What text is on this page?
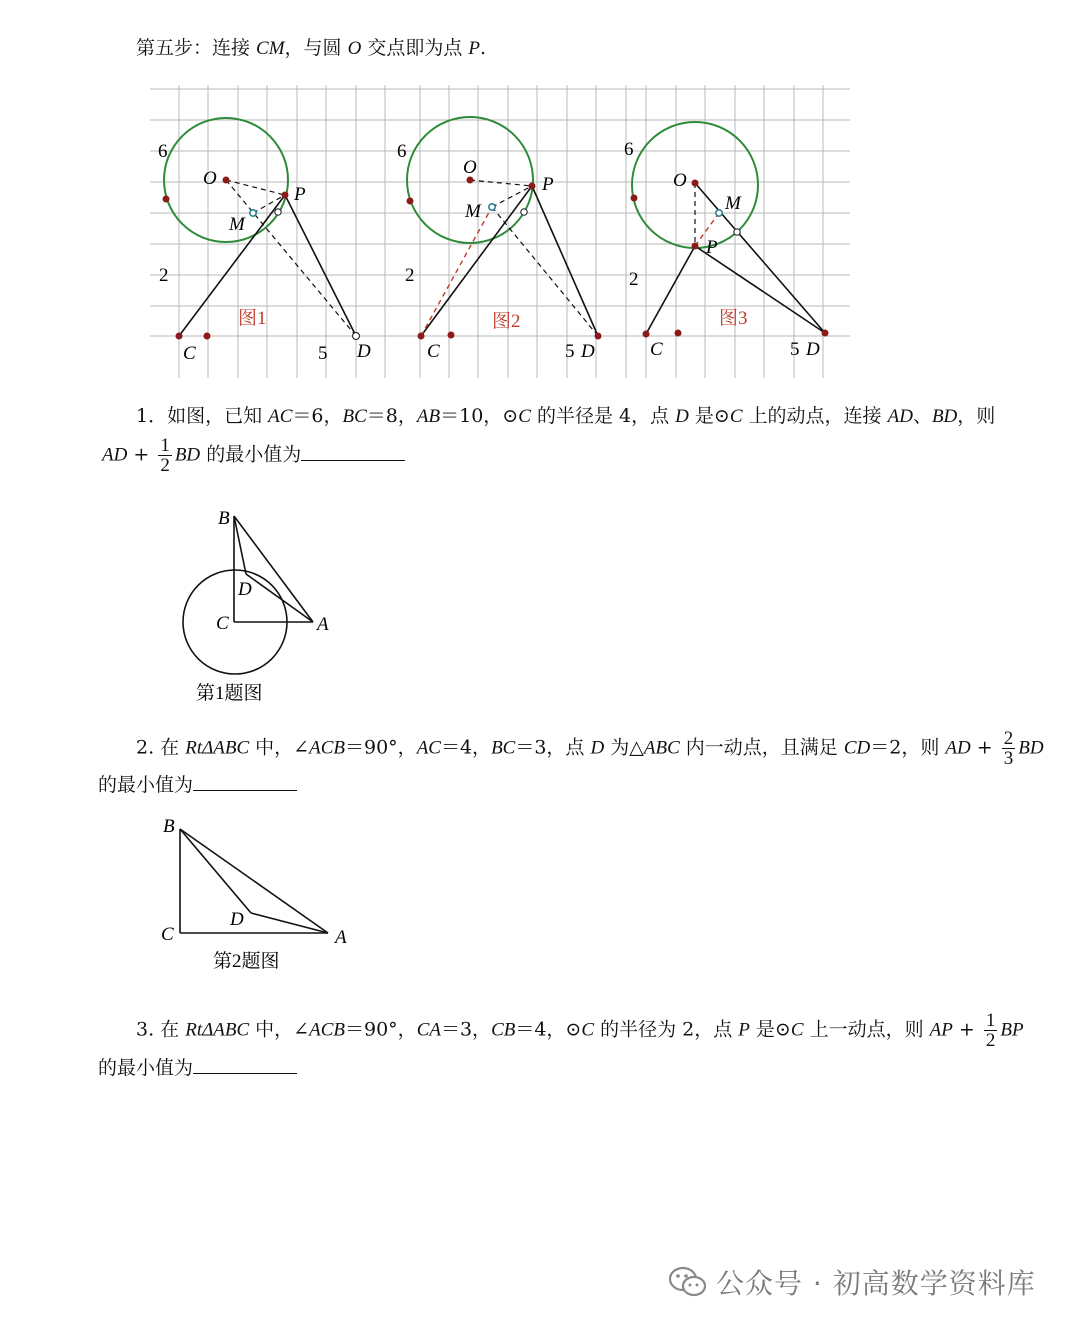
第五步：连接 CM，与圆 O 交点即为点 P.
6
2
5
O
P
M
C	D
图1
6
2
5
O
P
M
C	D
图2
6
2
5
O
P
M
C	D
图3
1．如图，已知 AC＝6，BC＝8，AB＝10，⊙C 的半径是 4，点 D 是⊙C 上的动点，连接 AD、BD，则
AD + $\frac{1}{2}$ BD 的最小值为
B
D
C	A
第1题图
2. 在 RtΔABC 中，∠ACB＝90°，AC＝4，BC＝3，点 D 为△ABC 内一动点，且满足 CD＝2，则 AD + $\frac{2}{3}$ BD
的最小值为
B
C
D
A
第2题图
3. 在 RtΔABC 中，∠ACB＝90°，CA＝3，CB＝4，⊙C 的半径为 2，点 P 是⊙C 上一动点，则 AP + $\frac{1}{2}$ BP
的最小值为
公众号 · 初高数学资料库
